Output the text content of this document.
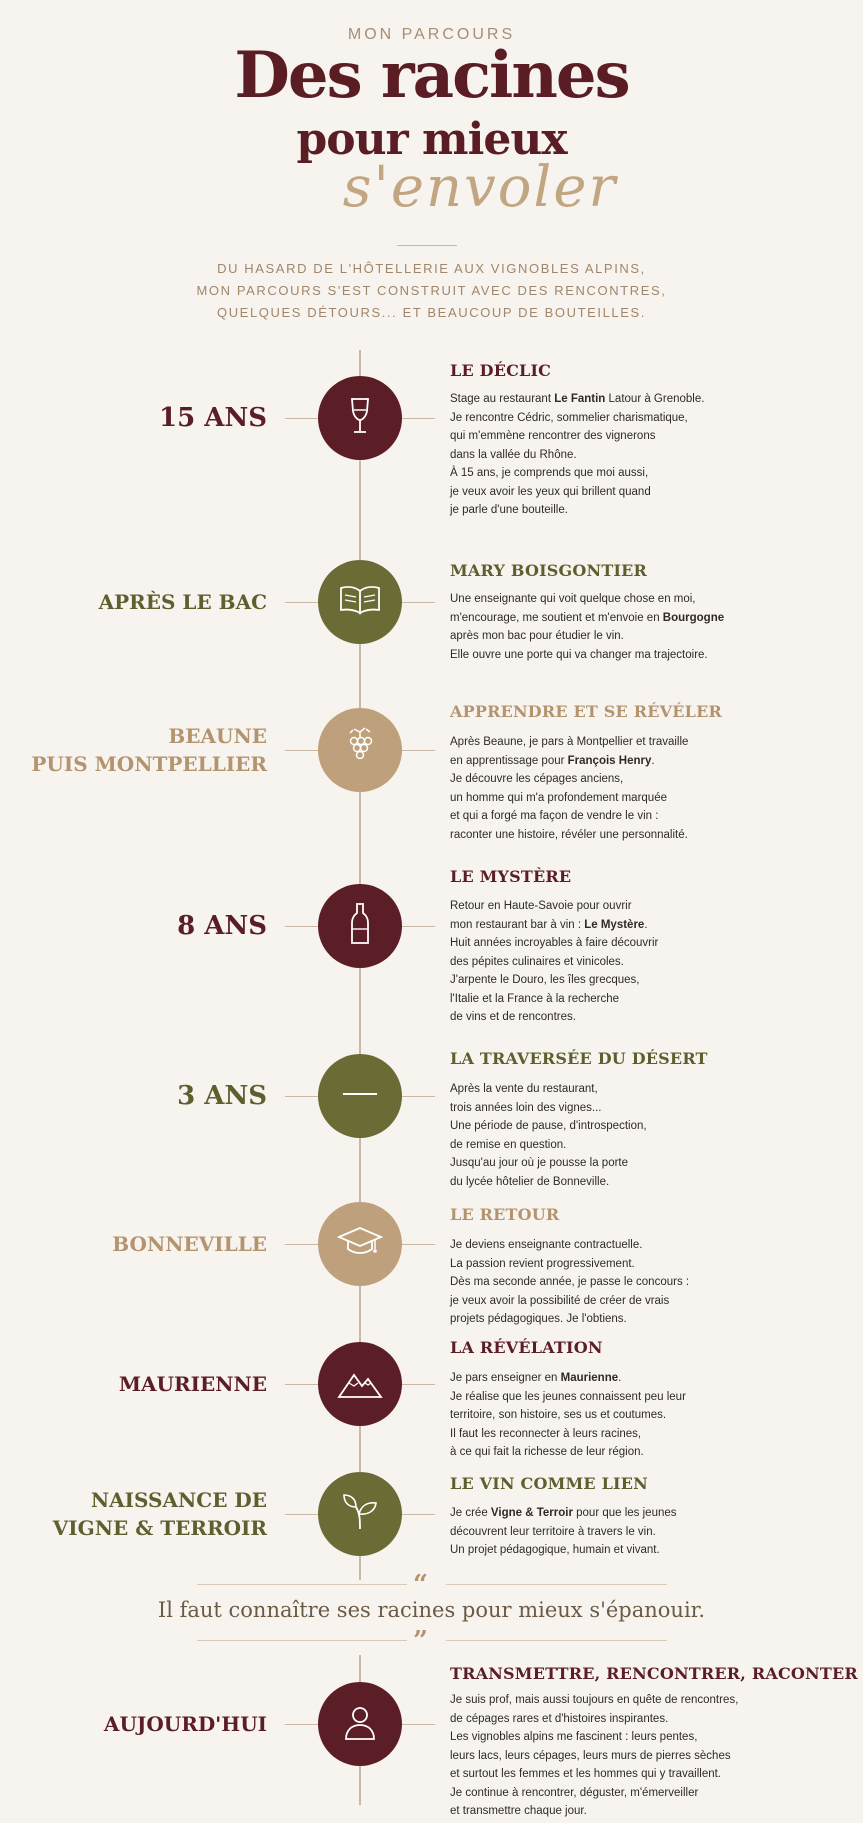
MON PARCOURS
Des racines
pour mieux
s'envoler
DU HASARD DE L'HÔTELLERIE AUX VIGNOBLES ALPINS,
MON PARCOURS S'EST CONSTRUIT AVEC DES RENCONTRES,
QUELQUES DÉTOURS... ET BEAUCOUP DE BOUTEILLES.
15 ANS
LE DÉCLIC
Stage au restaurant Le Fantin Latour à Grenoble.
Je rencontre Cédric, sommelier charismatique,
qui m'emmène rencontrer des vignerons
dans la vallée du Rhône.
À 15 ans, je comprends que moi aussi,
je veux avoir les yeux qui brillent quand
je parle d'une bouteille.
APRÈS LE BAC
MARY BOISGONTIER
Une enseignante qui voit quelque chose en moi,
m'encourage, me soutient et m'envoie en Bourgogne
après mon bac pour étudier le vin.
Elle ouvre une porte qui va changer ma trajectoire.
BEAUNE
PUIS MONTPELLIER
APPRENDRE ET SE RÉVÉLER
Après Beaune, je pars à Montpellier et travaille
en apprentissage pour François Henry.
Je découvre les cépages anciens,
un homme qui m'a profondement marquée
et qui a forgé ma façon de vendre le vin :
raconter une histoire, révéler une personnalité.
8 ANS
LE MYSTÈRE
Retour en Haute-Savoie pour ouvrir
mon restaurant bar à vin : Le Mystère.
Huit années incroyables à faire découvrir
des pépites culinaires et vinicoles.
J'arpente le Douro, les îles grecques,
l'Italie et la France à la recherche
de vins et de rencontres.
3 ANS
LA TRAVERSÉE DU DÉSERT
Après la vente du restaurant,
trois années loin des vignes...
Une période de pause, d'introspection,
de remise en question.
Jusqu'au jour où je pousse la porte
du lycée hôtelier de Bonneville.
BONNEVILLE
LE RETOUR
Je deviens enseignante contractuelle.
La passion revient progressivement.
Dès ma seconde année, je passe le concours :
je veux avoir la possibilité de créer de vrais
projets pédagogiques. Je l'obtiens.
MAURIENNE
LA RÉVÉLATION
Je pars enseigner en Maurienne.
Je réalise que les jeunes connaissent peu leur
territoire, son histoire, ses us et coutumes.
Il faut les reconnecter à leurs racines,
à ce qui fait la richesse de leur région.
NAISSANCE DE
VIGNE & TERROIR
LE VIN COMME LIEN
Je crée Vigne & Terroir pour que les jeunes
découvrent leur territoire à travers le vin.
Un projet pédagogique, humain et vivant.
“
Il faut connaître ses racines pour mieux s'épanouir.
”
AUJOURD'HUI
TRANSMETTRE, RENCONTRER, RACONTER
Je suis prof, mais aussi toujours en quête de rencontres,
de cépages rares et d'histoires inspirantes.
Les vignobles alpins me fascinent : leurs pentes,
leurs lacs, leurs cépages, leurs murs de pierres sèches
et surtout les femmes et les hommes qui y travaillent.
Je continue à rencontrer, déguster, m'émerveiller
et transmettre chaque jour.
